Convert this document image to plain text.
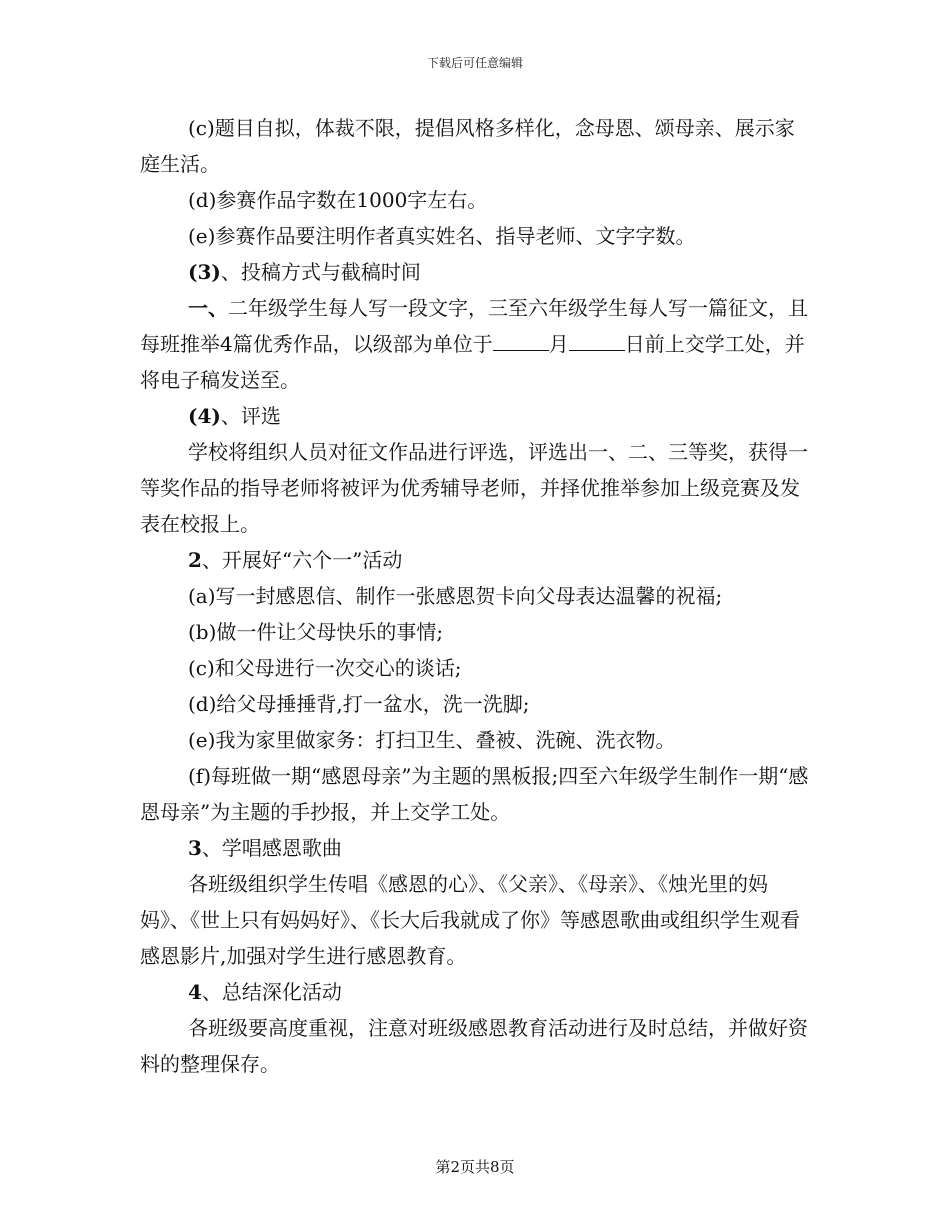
下载后可任意编辑

(c)题目自拟，体裁不限，提倡风格多样化，念母恩、颂母亲、展示家庭生活。

(d)参赛作品字数在1000字左右。

(e)参赛作品要注明作者真实姓名、指导老师、文字字数。

(3)、投稿方式与截稿时间

一、二年级学生每人写一段文字，三至六年级学生每人写一篇征文，且每班推举4篇优秀作品，以级部为单位于	月	日前上交学工处，并将电子稿发送至。

(4)、评选

学校将组织人员对征文作品进行评选，评选出一、二、三等奖，获得一等奖作品的指导老师将被评为优秀辅导老师，并择优推举参加上级竞赛及发表在校报上。

2、开展好“六个一”活动

(a)写一封感恩信、制作一张感恩贺卡向父母表达温馨的祝福;

(b)做一件让父母快乐的事情;

(c)和父母进行一次交心的谈话;

(d)给父母捶捶背,打一盆水，洗一洗脚;

(e)我为家里做家务：打扫卫生、叠被、洗碗、洗衣物。

(f)每班做一期“感恩母亲”为主题的黑板报;四至六年级学生制作一期“感恩母亲”为主题的手抄报，并上交学工处。

3、学唱感恩歌曲

各班级组织学生传唱《感恩的心》、《父亲》、《母亲》、《烛光里的妈妈》、《世上只有妈妈好》、《长大后我就成了你》等感恩歌曲或组织学生观看感恩影片,加强对学生进行感恩教育。

4、总结深化活动

各班级要高度重视，注意对班级感恩教育活动进行及时总结，并做好资料的整理保存。

第2页共8页
